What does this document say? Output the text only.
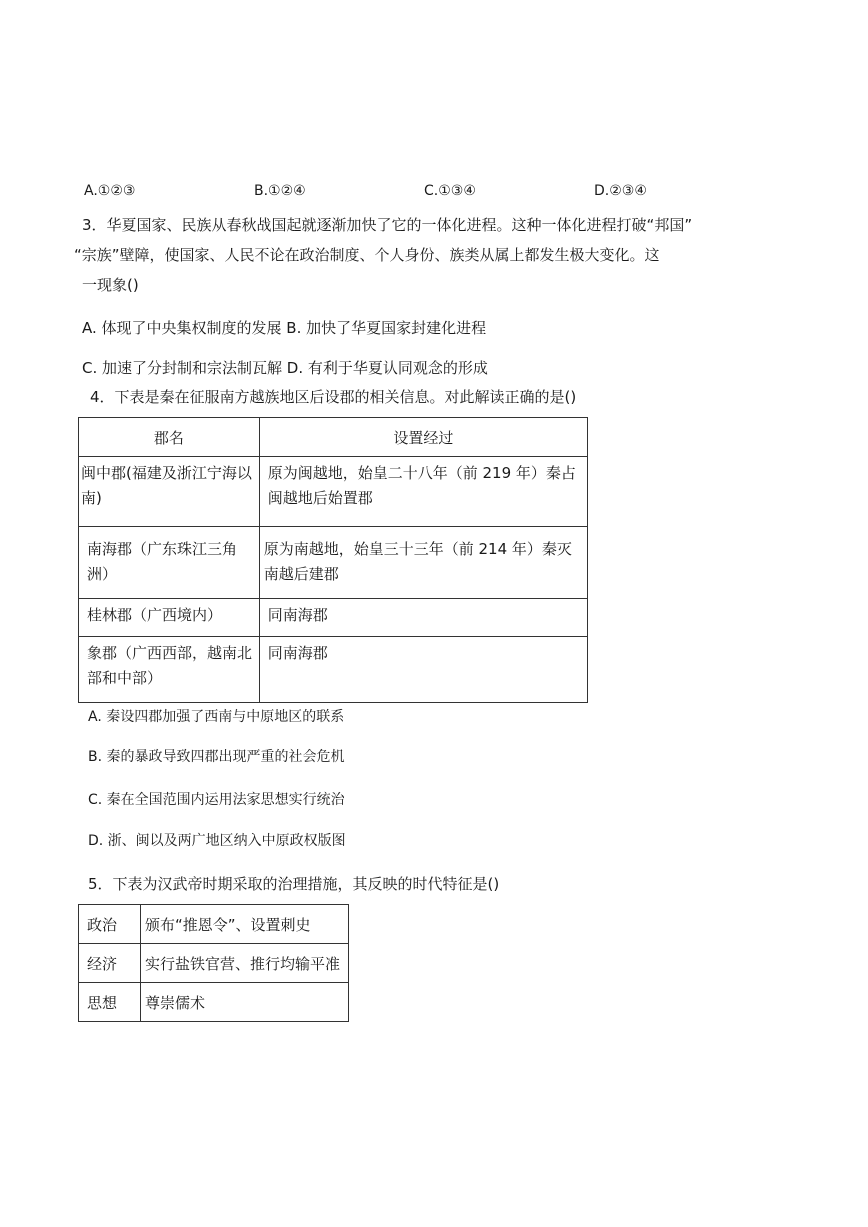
A.①②③	B.①②④	C.①③④	D.②③④
3．华夏国家、民族从春秋战国起就逐渐加快了它的一体化进程。这种一体化进程打破“邦国”
“宗族”壁障，使国家、人民不论在政治制度、个人身份、族类从属上都发生极大变化。这
一现象()
A. 体现了中央集权制度的发展 B. 加快了华夏国家封建化进程
C. 加速了分封制和宗法制瓦解 D. 有利于华夏认同观念的形成
4．下表是秦在征服南方越族地区后设郡的相关信息。对此解读正确的是()
郡名	设置经过
闽中郡(福建及浙江宁海以南)	原为闽越地，始皇二十八年（前 219 年）秦占闽越地后始置郡
南海郡（广东珠江三角洲）	原为南越地，始皇三十三年（前 214 年）秦灭南越后建郡
桂林郡（广西境内）	同南海郡
象郡（广西西部，越南北部和中部）	同南海郡
A. 秦设四郡加强了西南与中原地区的联系
B. 秦的暴政导致四郡出现严重的社会危机
C. 秦在全国范围内运用法家思想实行统治
D. 浙、闽以及两广地区纳入中原政权版图
5．下表为汉武帝时期采取的治理措施，其反映的时代特征是()
政治	颁布“推恩令”、设置刺史
经济	实行盐铁官营、推行均输平准
思想	尊崇儒术
